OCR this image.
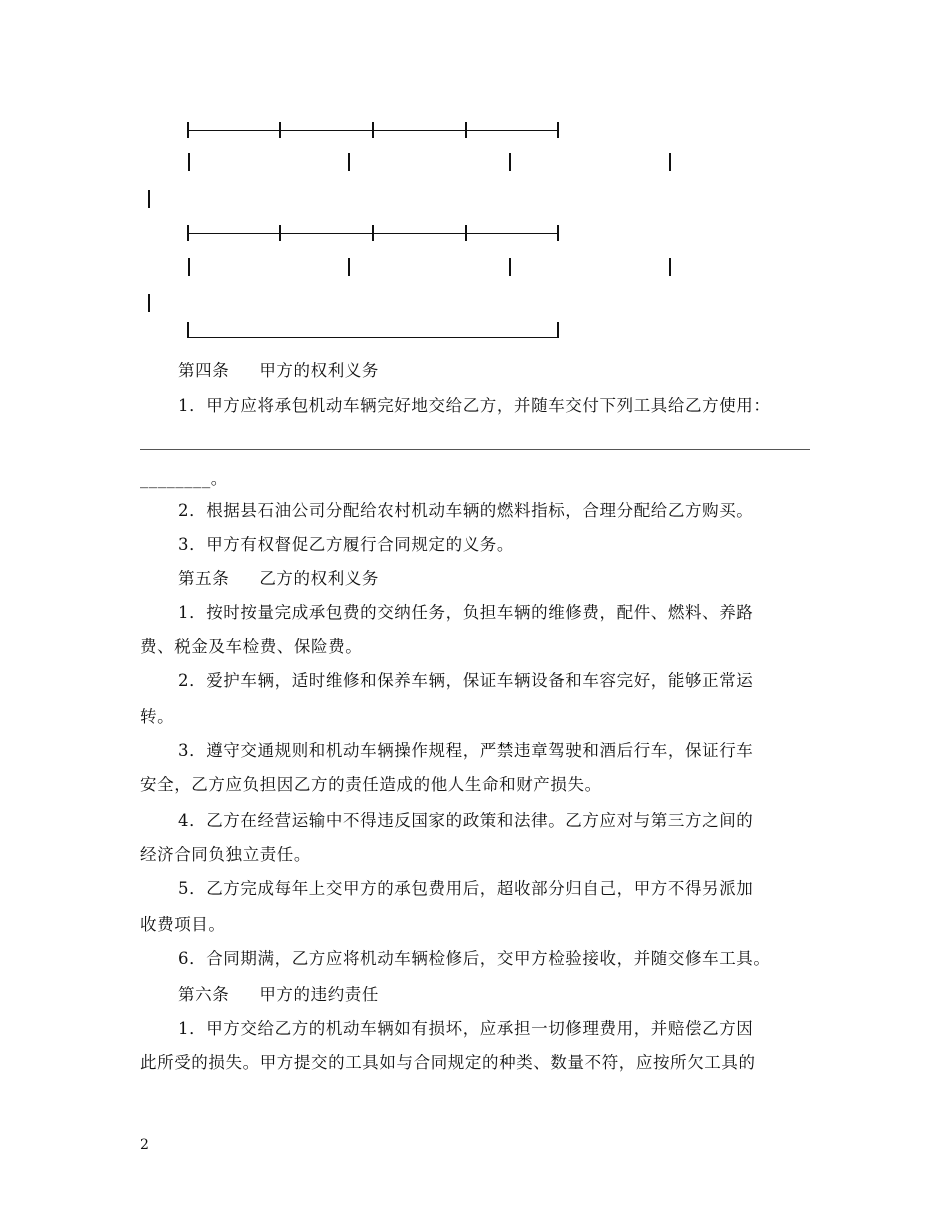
第四条 甲方的权利义务
1．甲方应将承包机动车辆完好地交给乙方，并随车交付下列工具给乙方使用：
________。
2．根据县石油公司分配给农村机动车辆的燃料指标，合理分配给乙方购买。
3．甲方有权督促乙方履行合同规定的义务。
第五条 乙方的权利义务
1．按时按量完成承包费的交纳任务，负担车辆的维修费，配件、燃料、养路
费、税金及车检费、保险费。
2．爱护车辆，适时维修和保养车辆，保证车辆设备和车容完好，能够正常运
转。
3．遵守交通规则和机动车辆操作规程，严禁违章驾驶和酒后行车，保证行车
安全，乙方应负担因乙方的责任造成的他人生命和财产损失。
4．乙方在经营运输中不得违反国家的政策和法律。乙方应对与第三方之间的
经济合同负独立责任。
5．乙方完成每年上交甲方的承包费用后，超收部分归自己，甲方不得另派加
收费项目。
6．合同期满，乙方应将机动车辆检修后，交甲方检验接收，并随交修车工具。
第六条 甲方的违约责任
1．甲方交给乙方的机动车辆如有损坏，应承担一切修理费用，并赔偿乙方因
此所受的损失。甲方提交的工具如与合同规定的种类、数量不符，应按所欠工具的
2
